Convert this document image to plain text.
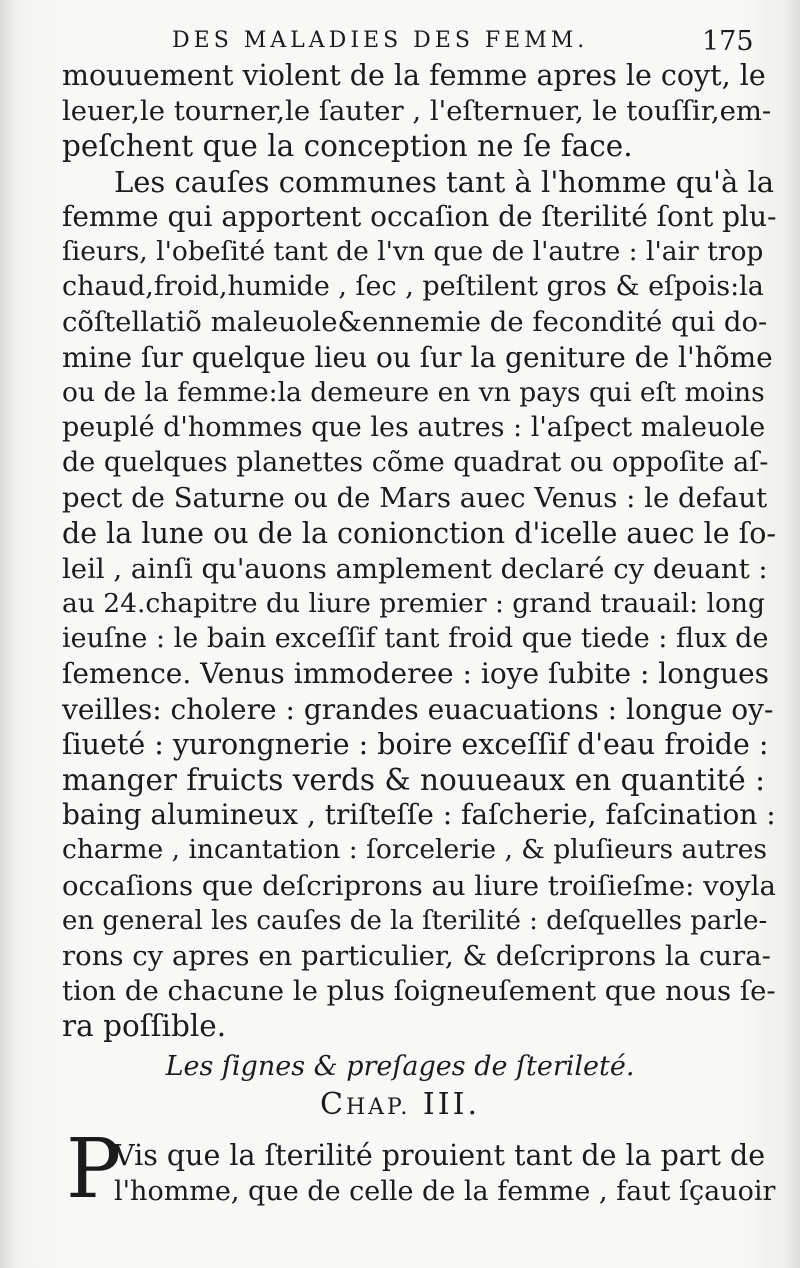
DES MALADIES DES FEMM.	175
mouuement violent de la femme apres le coyt, le
leuer,le tourner,le ſauter , l'eſternuer, le touſſir,em-
peſchent que la conception ne ſe face.
Les cauſes communes tant à l'homme qu'à la
femme qui apportent occaſion de ſterilité ſont plu-
ſieurs, l'obeſité tant de l'vn que de l'autre : l'air trop
chaud,froid,humide , ſec , peſtilent gros & eſpois:la
cõſtellatiõ maleuole&ennemie de fecondité qui do-
mine ſur quelque lieu ou ſur la geniture de l'hõme
ou de la femme:la demeure en vn pays qui eſt moins
peuplé d'hommes que les autres : l'aſpect maleuole
de quelques planettes cõme quadrat ou oppoſite aſ-
pect de Saturne ou de Mars auec Venus : le defaut
de la lune ou de la conionction d'icelle auec le ſo-
leil , ainſi qu'auons amplement declaré cy deuant :
au 24.chapitre du liure premier : grand trauail: long
ieuſne : le bain exceſſif tant froid que tiede : flux de
ſemence. Venus immoderee : ioye ſubite : longues
veilles: cholere : grandes euacuations : longue oy-
ſiueté : yurongnerie : boire exceſſif d'eau froide :
manger fruicts verds & nouueaux en quantité :
baing alumineux , triſteſſe : faſcherie, faſcination :
charme , incantation : ſorcelerie , & pluſieurs autres
occaſions que deſcriprons au liure troiſieſme: voyla
en general les cauſes de la ſterilité : deſquelles parle-
rons cy apres en particulier, & deſcriprons la cura-
tion de chacune le plus ſoigneuſement que nous ſe-
ra poſſible.
Les ſignes & preſages de ſterileté.
CHAP. III.
P
Vis que la ſterilité prouient tant de la part de
l'homme, que de celle de la femme , faut ſçauoir
